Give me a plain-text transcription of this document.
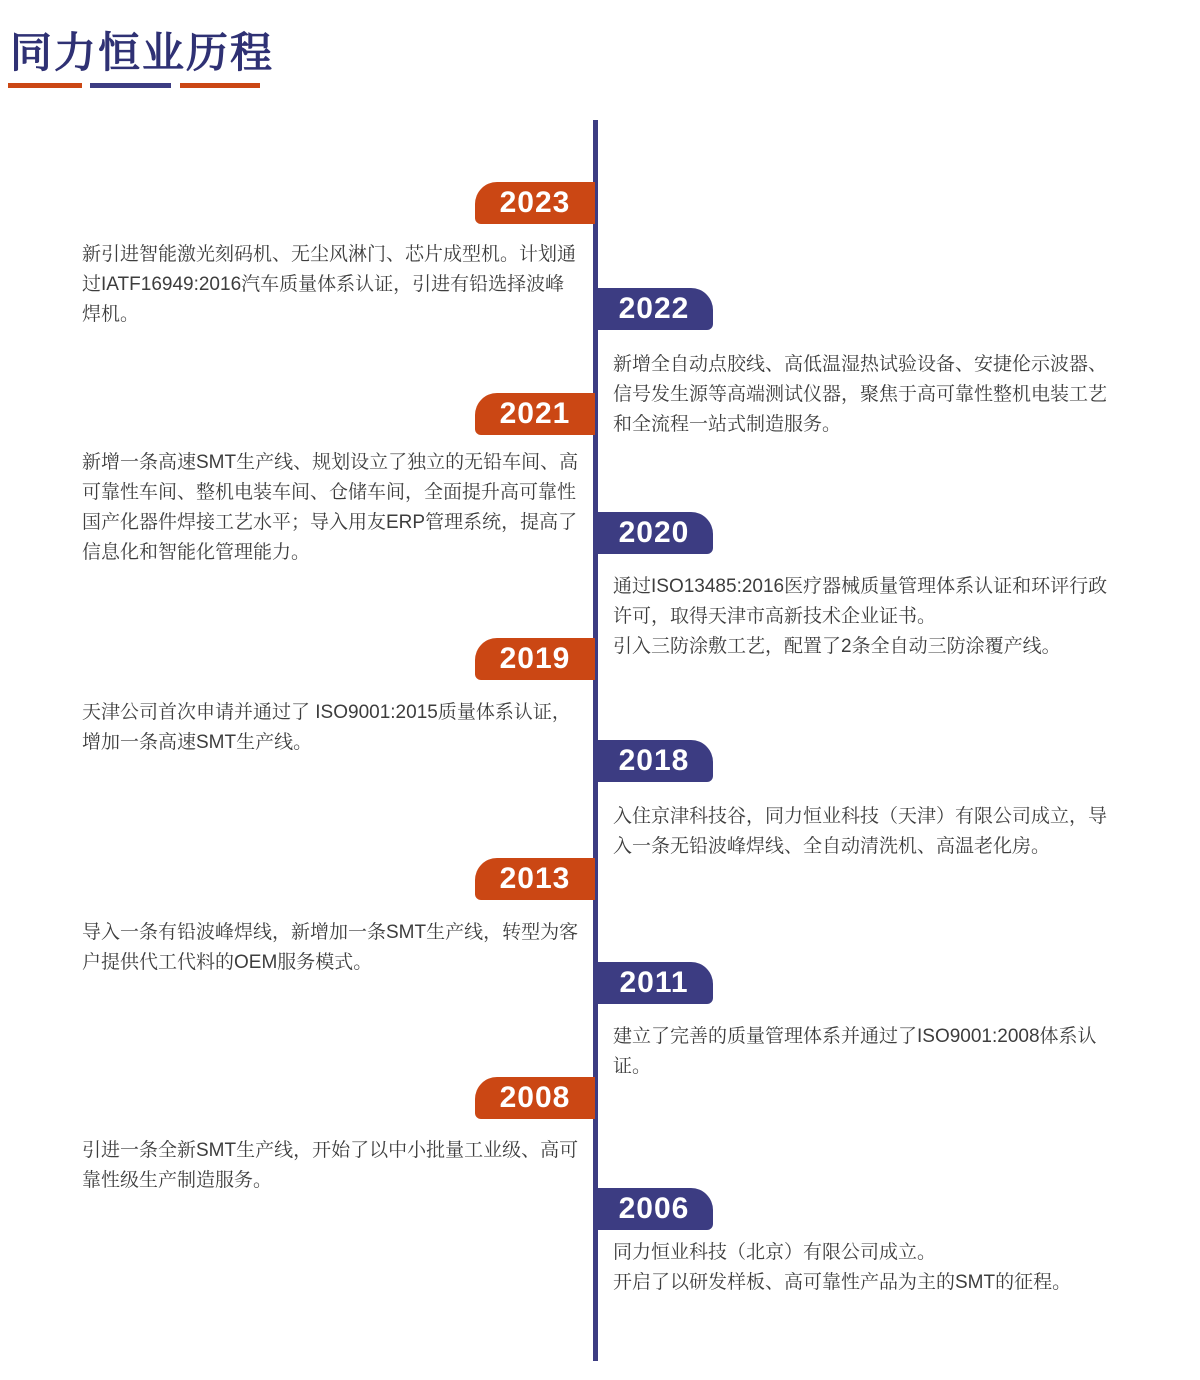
同力恒业历程
2023

新引进智能激光刻码机、无尘风淋门、芯片成型机。计划通过IATF16949:2016汽车质量体系认证，引进有铅选择波峰焊机。	2022

新增全自动点胶线、高低温湿热试验设备、安捷伦示波器、信号发生源等高端测试仪器，聚焦于高可靠性整机电装工艺和全流程一站式制造服务。

2021

新增一条高速SMT生产线、规划设立了独立的无铅车间、高可靠性车间、整机电装车间、仓储车间，全面提升高可靠性国产化器件焊接工艺水平；导入用友ERP管理系统，提高了信息化和智能化管理能力。

2020

通过ISO13485:2016医疗器械质量管理体系认证和环评行政许可，取得天津市高新技术企业证书。

引入三防涂敷工艺，配置了2条全自动三防涂覆产线。

2019

天津公司首次申请并通过了 ISO9001:2015质量体系认证，增加一条高速SMT生产线。

2018

入住京津科技谷，同力恒业科技（天津）有限公司成立，导入一条无铅波峰焊线、全自动清洗机、高温老化房。

2013

导入一条有铅波峰焊线，新增加一条SMT生产线，转型为客户提供代工代料的OEM服务模式。

2011

建立了完善的质量管理体系并通过了ISO9001:2008体系认证。

2008

引进一条全新SMT生产线，开始了以中小批量工业级、高可靠性级生产制造服务。

2006

同力恒业科技（北京）有限公司成立。

开启了以研发样板、高可靠性产品为主的SMT的征程。
